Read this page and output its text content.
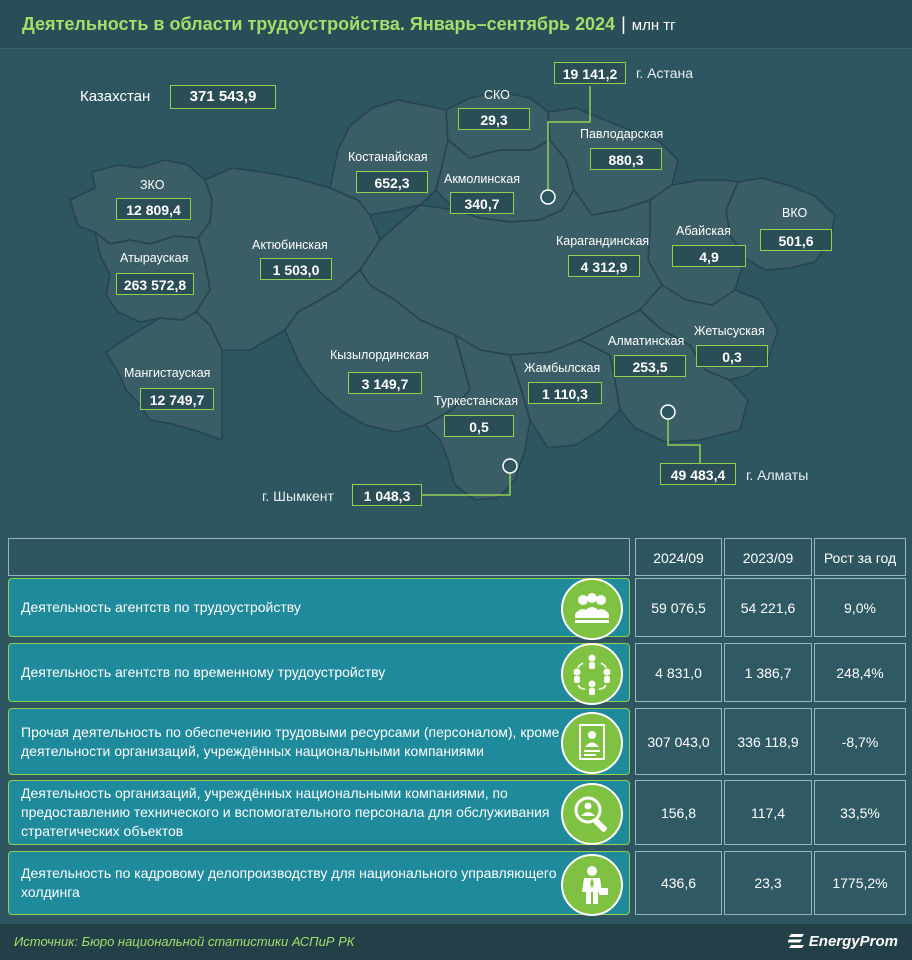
Деятельность в области трудоустройства. Январь–сентябрь 2024 | млн тг
Казахстан	371 543,9
ЗКО
12 809,4
Атырауская
263 572,8
Мангистауская
12 749,7
Актюбинская
1 503,0
Костанайская
652,3
СКО
29,3
Акмолинская
340,7
Павлодарская
880,3
ВКО
501,6
Абайская
4,9
Карагандинская
4 312,9
Кызылординская
3 149,7
Туркестанская
0,5
Жамбылская
1 110,3
Алматинская
253,5
Жетысуская
0,3
19 141,2	г. Астана
49 483,4	г. Алматы
г. Шымкент	1 048,3
2024/09	2023/09	Рост за год
Деятельность агентств по трудоустройству	59 076,5	54 221,6	9,0%
Деятельность агентств по временному трудоустройству	4 831,0	1 386,7	248,4%
Прочая деятельность по обеспечению трудовыми ресурсами (персоналом), кроме деятельности организаций, учреждённых национальными компаниями
307 043,0	336 118,9	-8,7%
Деятельность организаций, учреждённых национальными компаниями, по предоставлению технического и вспомогательного персонала для обслуживания стратегических объектов
156,8	117,4	33,5%
Деятельность по кадровому делопроизводству для национального управляющего холдинга
436,6	23,3	1775,2%
Источник: Бюро национальной статистики АСПиР РК	EnergyProm
